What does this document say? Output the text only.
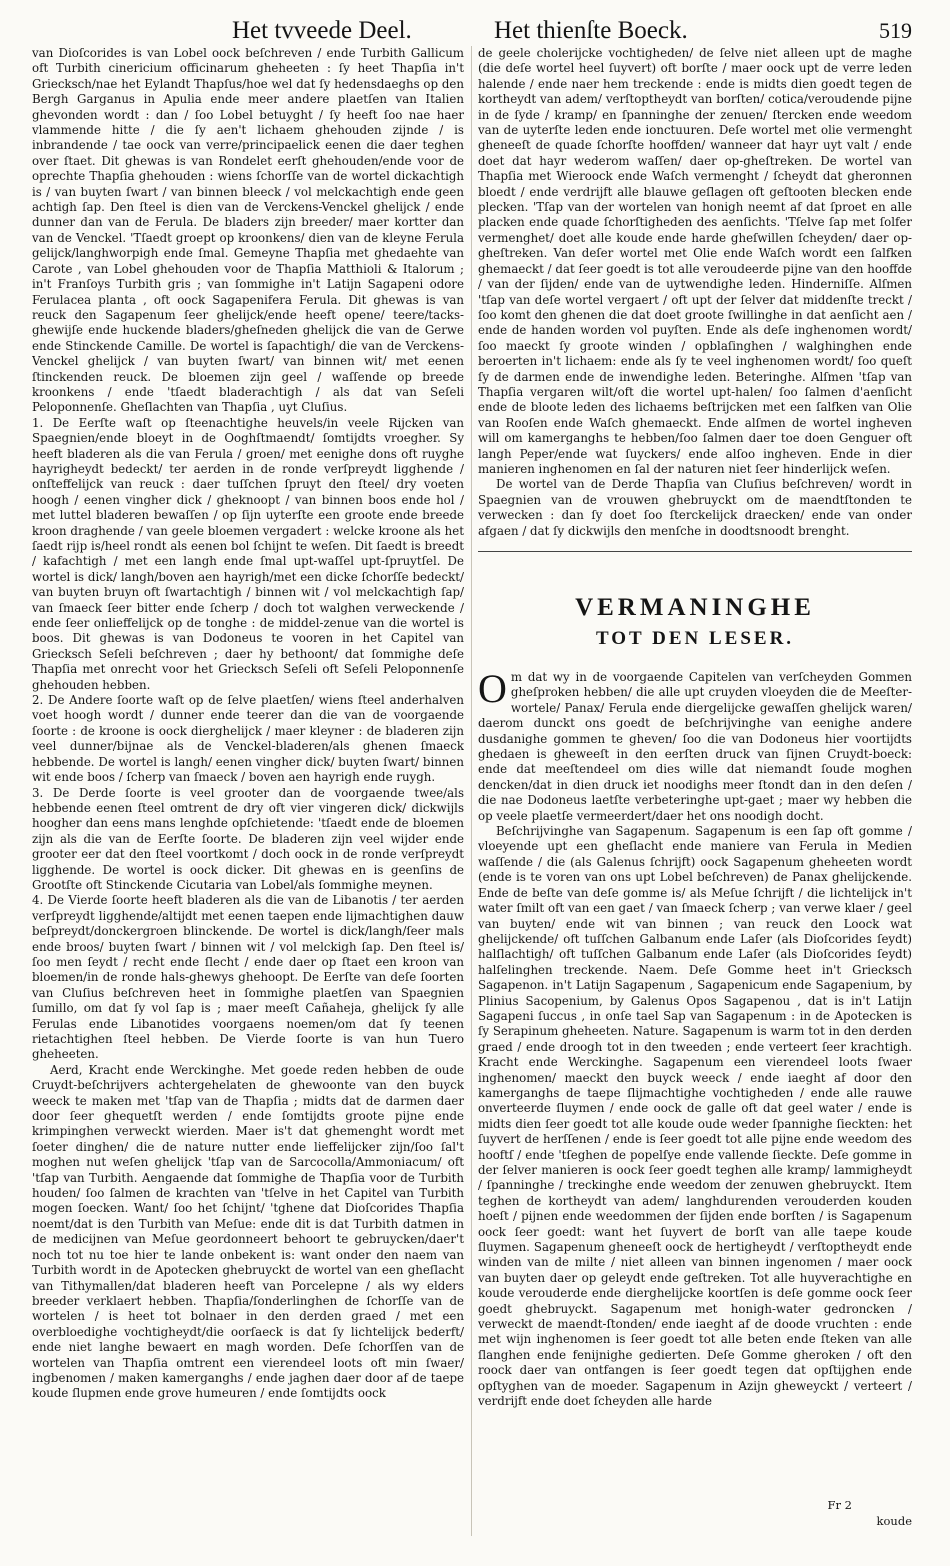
Het tvveede Deel.	Het thienſte Boeck.	519

van Dioſcorides is van Lobel oock beſchreven / ende Turbith Gallicum oft Turbith cinericium officinarum gheheeten : ſy heet Thapſia in't Griecksch/nae het Eylandt Thapſus/hoe wel dat ſy hedensdaeghs op den Bergh Garganus in Apulia ende meer andere plaetſen van Italien ghevonden wordt : dan / ſoo Lobel betuyght / ſy heeft ſoo nae haer vlammende hitte / die ſy aen't lichaem ghehouden zijnde / is inbrandende / tae oock van verre/principaelick eenen die daer teghen over ſtaet. Dit ghewas is van Rondelet eerſt ghehouden/ende voor de oprechte Thapſia ghehouden : wiens ſchorſſe van de wortel dickachtigh is / van buyten ſwart / van binnen bleeck / vol melckachtigh ende geen achtigh ſap. Den ſteel is dien van de Verckens-Venckel ghelijck / ende dunner dan van de Ferula. De bladers zijn breeder/ maer kortter dan van de Venckel. 'Tſaedt groept op kroonkens/ dien van de kleyne Ferula gelijck/langhworpigh ende ſmal. Gemeyne Thapſia met ghedaehte van Carote , van Lobel ghehouden voor de Thapſia Matthioli & Italorum ; in't Franſoys Turbith gris ; van ſommighe in't Latijn Sagapeni odore Ferulacea planta , oft oock Sagapenifera Ferula. Dit ghewas is van reuck den Sagapenum ſeer ghelijck/ende heeft opene/ teere/tacks-ghewijſe ende huckende bladers/gheſneden ghelijck die van de Gerwe ende Stinckende Camille. De wortel is ſapachtigh/ die van de Verckens-Venckel ghelijck / van buyten ſwart/ van binnen wit/ met eenen ſtinckenden reuck. De bloemen zijn geel / waſſende op breede kroonkens / ende 'tſaedt bladerachtigh / als dat van Seſeli Peloponnenſe. Gheſlachten van Thapſia , uyt Cluſius.

1. De Eerſte waſt op ſteenachtighe heuvels/in veele Rijcken van Spaegnien/ende bloeyt in de Ooghſtmaendt/ ſomtijdts vroegher. Sy heeft bladeren als die van Ferula / groen/ met eenighe dons oft ruyghe hayrigheydt bedeckt/ ter aerden in de ronde verſpreydt ligghende / onſteffelijck van reuck : daer tuſſchen ſpruyt den ſteel/ dry voeten hoogh / eenen vingher dick / gheknoopt / van binnen boos ende hol / met luttel bladeren bewaſſen / op ſijn uyterſte een groote ende breede kroon draghende / van geele bloemen vergadert : welcke kroone als het ſaedt rijp is/heel rondt als eenen bol ſchijnt te weſen. Dit ſaedt is breedt / kafachtigh / met een langh ende ſmal upt-waſſel upt-ſpruytſel. De wortel is dick/ langh/boven aen hayrigh/met een dicke ſchorſſe bedeckt/ van buyten bruyn oft ſwartachtigh / binnen wit / vol melckachtigh ſap/ van ſmaeck ſeer bitter ende ſcherp / doch tot walghen verweckende / ende ſeer onlieffelijck op de tonghe : de middel-zenue van die wortel is boos. Dit ghewas is van Dodoneus te vooren in het Capitel van Griecksch Seſeli beſchreven ; daer hy bethoont/ dat ſommighe deſe Thapſia met onrecht voor het Griecksch Seſeli oft Seſeli Peloponnenſe ghehouden hebben.

2. De Andere ſoorte waſt op de ſelve plaetſen/ wiens ſteel anderhalven voet hoogh wordt / dunner ende teerer dan die van de voorgaende ſoorte : de kroone is oock dierghelijck / maer kleyner : de bladeren zijn veel dunner/bijnae als de Venckel-bladeren/als ghenen ſmaeck hebbende. De wortel is langh/ eenen vingher dick/ buyten ſwart/ binnen wit ende boos / ſcherp van ſmaeck / boven aen hayrigh ende ruygh.

3. De Derde ſoorte is veel grooter dan de voorgaende twee/als hebbende eenen ſteel omtrent de dry oft vier vingeren dick/ dickwijls hoogher dan eens mans lenghde opſchietende: 'tſaedt ende de bloemen zijn als die van de Eerſte ſoorte. De bladeren zijn veel wijder ende grooter eer dat den ſteel voortkomt / doch oock in de ronde verſpreydt ligghende. De wortel is oock dicker. Dit ghewas en is geenſins de Grootſte oft Stinckende Cicutaria van Lobel/als ſommighe meynen.

4. De Vierde ſoorte heeft bladeren als die van de Libanotis / ter aerden verſpreydt ligghende/altijdt met eenen taepen ende lijmachtighen dauw beſpreydt/donckergroen blinckende. De wortel is dick/langh/ſeer mals ende broos/ buyten ſwart / binnen wit / vol melckigh ſap. Den ſteel is/ſoo men ſeydt / recht ende ſlecht / ende daer op ſtaet een kroon van bloemen/in de ronde hals-ghewys ghehoopt. De Eerſte van deſe ſoorten van Cluſius beſchreven heet in ſommighe plaetſen van Spaegnien ſumillo, om dat ſy vol ſap is ; maer meeſt Cañaheja, ghelijck ſy alle Ferulas ende Libanotides voorgaens noemen/om dat ſy teenen rietachtighen ſteel hebben. De Vierde ſoorte is van hun Tuero gheheeten.

Aerd, Kracht ende Werckinghe. Met goede reden hebben de oude Cruydt-beſchrijvers achtergehelaten de ghewoonte van den buyck weeck te maken met 'tſap van de Thapſia ; midts dat de darmen daer door ſeer ghequetſt werden / ende ſomtijdts groote pijne ende krimpinghen verweckt wierden. Maer is't dat ghemenght wordt met ſoeter dinghen/ die de nature nutter ende lieffelijcker zijn/ſoo ſal't moghen nut weſen ghelijck 'tſap van de Sarcocolla/Ammoniacum/ oft 'tſap van Turbith. Aengaende dat ſommighe de Thapſia voor de Turbith houden/ ſoo ſalmen de krachten van 'tſelve in het Capitel van Turbith mogen ſoecken. Want/ ſoo het ſchijnt/ 'tghene dat Dioſcorides Thapſia noemt/dat is den Turbith van Meſue: ende dit is dat Turbith datmen in de medicijnen van Meſue geordonneert behoort te gebruycken/daer't noch tot nu toe hier te lande onbekent is: want onder den naem van Turbith wordt in de Apotecken ghebruyckt de wortel van een gheſlacht van Tithymallen/dat bladeren heeft van Porcelepne / als wy elders breeder verklaert hebben. Thapſia/ſonderlinghen de ſchorſſe van de wortelen / is heet tot bolnaer in den derden graed / met een overbloedighe vochtigheydt/die oorſaeck is dat ſy lichtelijck bederft/ ende niet langhe bewaert en magh worden. Deſe ſchorſſen van de wortelen van Thapſia omtrent een vierendeel loots oft min ſwaer/ ingbenomen / maken kamerganghs / ende jaghen daer door af de taepe koude ſlupmen ende grove humeuren / ende ſomtijdts oock

de geele cholerijcke vochtigheden/ de ſelve niet alleen upt de maghe (die deſe wortel heel ſuyvert) oft borſte / maer oock upt de verre leden halende / ende naer hem treckende : ende is midts dien goedt tegen de kortheydt van adem/ verſtoptheydt van borſten/ cotica/veroudende pijne in de ſyde / kramp/ en ſpanninghe der zenuen/ ſtercken ende weedom van de uyterſte leden ende ionctuuren. Deſe wortel met olie vermenght gheneeſt de quade ſchorſte hooffden/ wanneer dat hayr uyt valt / ende doet dat hayr wederom waſſen/ daer op-gheſtreken. De wortel van Thapſia met Wieroock ende Waſch vermenght / ſcheydt dat gheronnen bloedt / ende verdrijft alle blauwe geſlagen oft geſtooten blecken ende plecken. 'Tſap van der wortelen van honigh neemt af dat ſproet en alle placken ende quade ſchorſtigheden des aenſichts. 'Tſelve ſap met ſolfer vermenghet/ doet alle koude ende harde gheſwillen ſcheyden/ daer op-gheſtreken. Van deſer wortel met Olie ende Waſch wordt een ſalfken ghemaeckt / dat ſeer goedt is tot alle veroudeerde pijne van den hooffde / van der ſijden/ ende van de uytwendighe leden. Hinderniſſe. Alſmen 'tſap van deſe wortel vergaert / oft upt der ſelver dat middenſte treckt / ſoo komt den ghenen die dat doet groote ſwillinghe in dat aenſicht aen / ende de handen worden vol puyſten. Ende als deſe inghenomen wordt/ſoo maeckt ſy groote winden / opblaſinghen / walghinghen ende beroerten in't lichaem: ende als ſy te veel inghenomen wordt/ ſoo queſt ſy de darmen ende de inwendighe leden. Beteringhe. Alſmen 'tſap van Thapſia vergaren wilt/oft die wortel upt-halen/ ſoo ſalmen d'aenſicht ende de bloote leden des lichaems beſtrijcken met een ſalfken van Olie van Rooſen ende Waſch ghemaeckt. Ende alſmen de wortel ingheven will om kamerganghs te hebben/ſoo ſalmen daer toe doen Genguer oft langh Peper/ende wat ſuyckers/ ende alſoo ingheven. Ende in dier manieren inghenomen en ſal der naturen niet ſeer hinderlijck weſen.

De wortel van de Derde Thapſia van Cluſius beſchreven/ wordt in Spaegnien van de vrouwen ghebruyckt om de maendtſtonden te verwecken : dan ſy doet ſoo ſterckelijck draecken/ ende van onder afgaen / dat ſy dickwijls den menſche in doodtsnoodt brenght.

VERMANINGHE
TOT DEN LESER.

Om dat wy in de voorgaende Capitelen van verſcheyden Gommen gheſproken hebben/ die alle upt cruyden vloeyden die de Meeſter-wortele/ Panax/ Ferula ende diergelijcke gewaſſen ghelijck waren/ daerom dunckt ons goedt de beſchrijvinghe van eenighe andere dusdanighe gommen te gheven/ ſoo die van Dodoneus hier voortijdts ghedaen is gheweeſt in den eerſten druck van ſijnen Cruydt-boeck: ende dat meeſtendeel om dies wille dat niemandt ſoude moghen dencken/dat in dien druck iet noodighs meer ſtondt dan in den deſen / die nae Dodoneus laetſte verbeteringhe upt-gaet ; maer wy hebben die op veele plaetſe vermeerdert/daer het ons noodigh docht.

Beſchrijvinghe van Sagapenum. Sagapenum is een ſap oft gomme / vloeyende upt een gheſlacht ende maniere van Ferula in Medien waſſende / die (als Galenus ſchrijft) oock Sagapenum gheheeten wordt (ende is te voren van ons upt Lobel beſchreven) de Panax ghelijckende. Ende de beſte van deſe gomme is/ als Meſue ſchrijft / die lichtelijck in't water ſmilt oft van een gaet / van ſmaeck ſcherp ; van verwe klaer / geel van buyten/ ende wit van binnen ; van reuck den Loock wat ghelijckende/ oft tuſſchen Galbanum ende Laſer (als Dioſcorides ſeydt) halſlachtigh/ oft tuſſchen Galbanum ende Laſer (als Dioſcorides ſeydt) halſelinghen treckende. Naem. Deſe Gomme heet in't Griecksch Sagapenon. in't Latijn Sagapenum , Sagapenicum ende Sagapenium, by Plinius Sacopenium, by Galenus Opos Sagapenou , dat is in't Latijn Sagapeni ſuccus , in onſe tael Sap van Sagapenum : in de Apotecken is ſy Serapinum gheheeten. Nature. Sagapenum is warm tot in den derden graed / ende droogh tot in den tweeden ; ende verteert ſeer krachtigh. Kracht ende Werckinghe. Sagapenum een vierendeel loots ſwaer inghenomen/ maeckt den buyck weeck / ende iaeght af door den kamerganghs de taepe ſlijmachtighe vochtigheden / ende alle rauwe onverteerde ſluymen / ende oock de galle oft dat geel water / ende is midts dien ſeer goedt tot alle koude oude weder ſpannighe ſieckten: het ſuyvert de herſſenen / ende is ſeer goedt tot alle pijne ende weedom des hooftſ / ende 'tſeghen de popelſye ende vallende ſieckte. Deſe gomme in der ſelver manieren is oock ſeer goedt teghen alle kramp/ lammigheydt / ſpanninghe / treckinghe ende weedom der zenuwen ghebruyckt. Item teghen de kortheydt van adem/ langhdurenden verouderden kouden hoeſt / pijnen ende weedommen der ſijden ende borſten / is Sagapenum oock ſeer goedt: want het ſuyvert de borſt van alle taepe koude ſluymen. Sagapenum gheneeſt oock de hertigheydt / verſtoptheydt ende winden van de milte / niet alleen van binnen ingenomen / maer oock van buyten daer op geleydt ende geſtreken. Tot alle huyverachtighe en koude verouderde ende dierghelijcke koortſen is deſe gomme oock ſeer goedt ghebruyckt. Sagapenum met honigh-water gedroncken / verweckt de maendt-ſtonden/ ende iaeght af de doode vruchten : ende met wijn inghenomen is ſeer goedt tot alle beten ende ſteken van alle ſlanghen ende fenijnighe gedierten. Deſe Gomme gheroken / oft den roock daer van ontfangen is ſeer goedt tegen dat opſtijghen ende opſtyghen van de moeder. Sagapenum in Azijn gheweyckt / verteert / verdrijft ende doet ſcheyden alle harde

Fr 2
koude
